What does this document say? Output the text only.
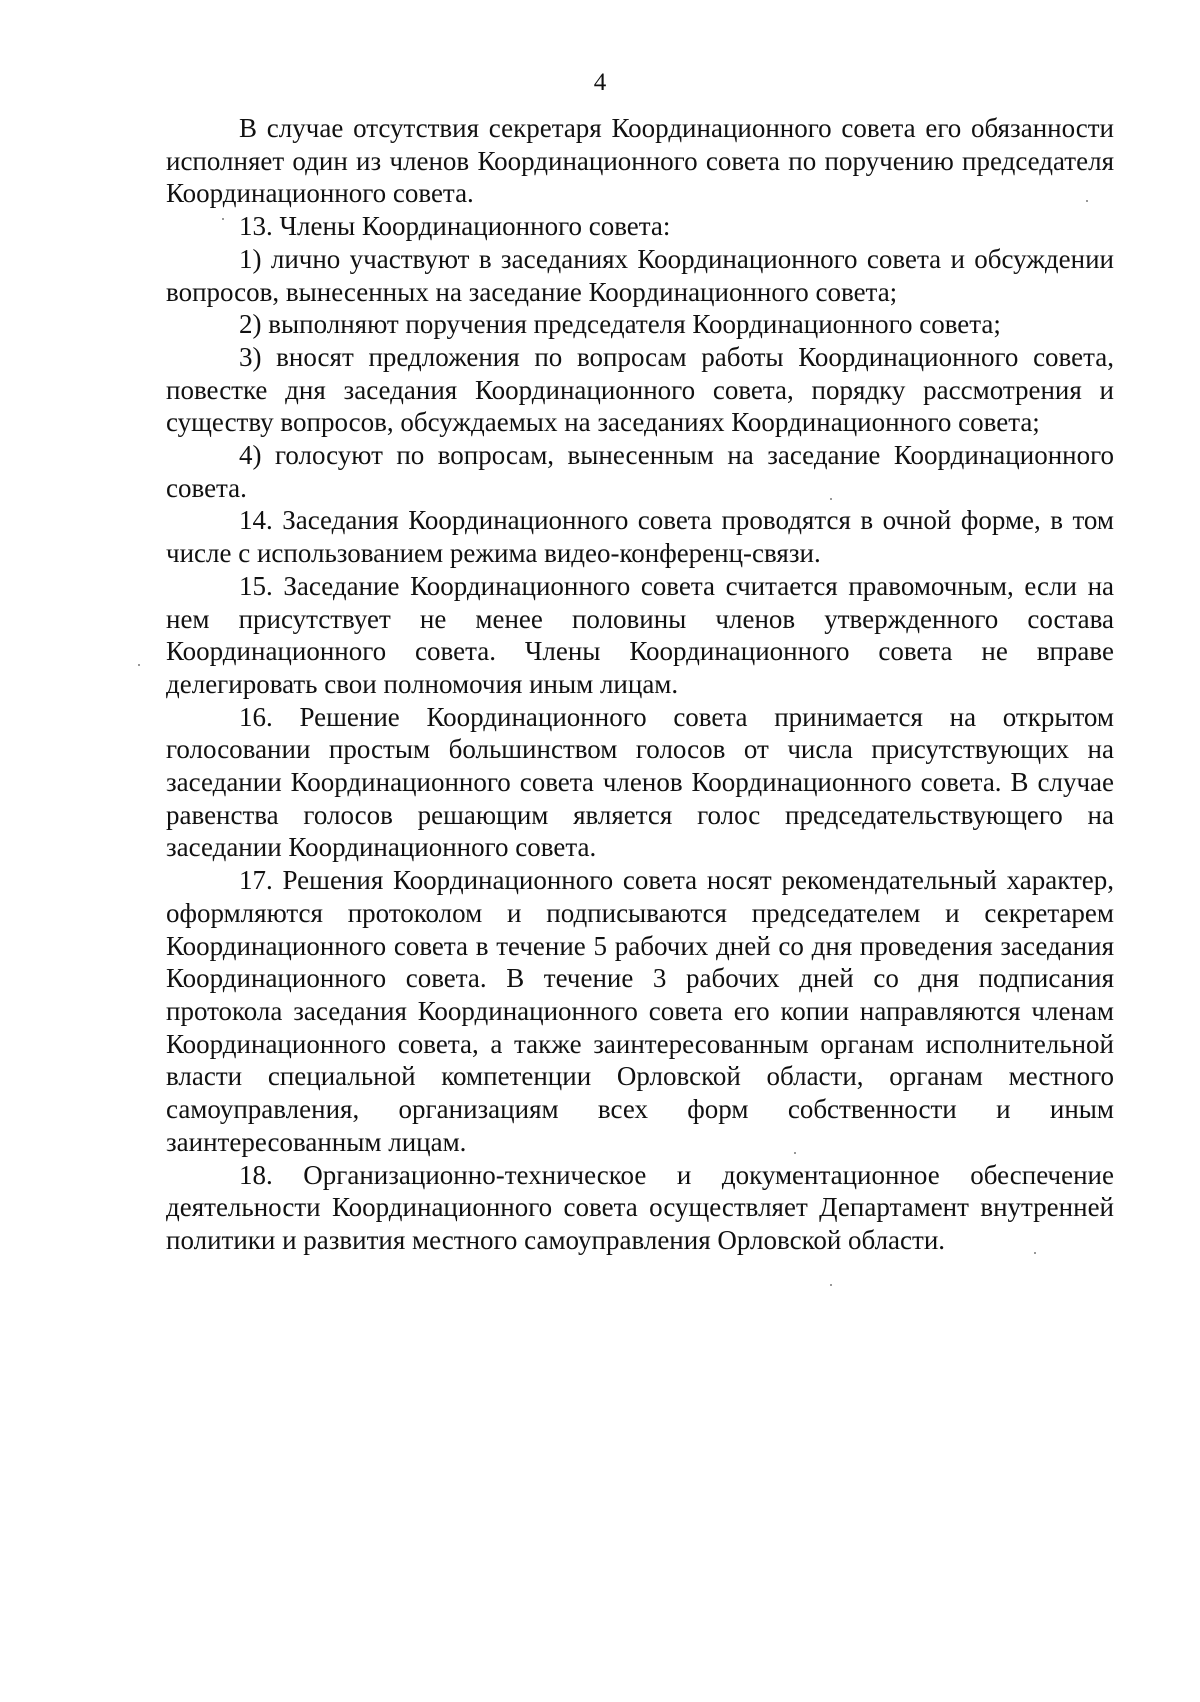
4

В случае отсутствия секретаря Координационного совета его обязанности исполняет один из членов Координационного совета по поручению председателя Координационного совета.

13. Члены Координационного совета:

1) лично участвуют в заседаниях Координационного совета и обсуждении вопросов, вынесенных на заседание Координационного совета;

2) выполняют поручения председателя Координационного совета;

3) вносят предложения по вопросам работы Координационного совета, повестке дня заседания Координационного совета, порядку рассмотрения и существу вопросов, обсуждаемых на заседаниях Координационного совета;

4) голосуют по вопросам, вынесенным на заседание Координационного совета.

14. Заседания Координационного совета проводятся в очной форме, в том числе с использованием режима видео-конференц-связи.

15. Заседание Координационного совета считается правомочным, если на нем присутствует не менее половины членов утвержденного состава Координационного совета. Члены Координационного совета не вправе делегировать свои полномочия иным лицам.

16. Решение Координационного совета принимается на открытом голосовании простым большинством голосов от числа присутствующих на заседании Координационного совета членов Координационного совета. В случае равенства голосов решающим является голос председательствующего на заседании Координационного совета.

17. Решения Координационного совета носят рекомендательный характер, оформляются протоколом и подписываются председателем и секретарем Координационного совета в течение 5 рабочих дней со дня проведения заседания Координационного совета. В течение 3 рабочих дней со дня подписания протокола заседания Координационного совета его копии направляются членам Координационного совета, а также заинтересованным органам исполнительной власти специальной компетенции Орловской области, органам местного самоуправления, организациям всех форм собственности и иным заинтересованным лицам.

18. Организационно-техническое и документационное обеспечение деятельности Координационного совета осуществляет Департамент внутренней политики и развития местного самоуправления Орловской области.
